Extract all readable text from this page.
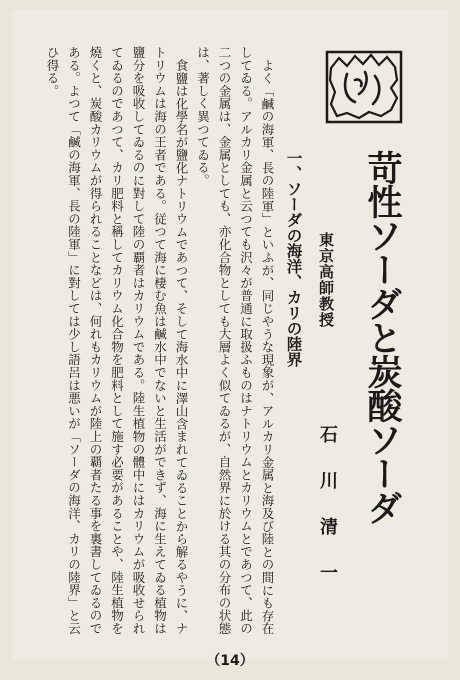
苛性ソーダと炭酸ソーダ
東京高師教授
石川清一
一、ソーダの海洋、カリの陸界

よく「鹹の海軍、長の陸軍」といふが、同じやうな現象が、アルカリ金属と海及び陸との間にも存在してゐる。アルカリ金属と云つても沢々が普通に取扱ふものはナトリウムとカリウムとであつて、此の二つの金属は、金属としても、亦化合物としても大層よく似てゐるが、自然界に於ける其の分布の状態は、著しく異つてゐる。

食鹽は化學名が鹽化ナトリウムであつて、そして海水中に澤山含まれてゐることから解るやうに、ナトリウムは海の王者である。従つて海に棲む魚は鹹水中でないと生活ができず、海に生えてゐる植物は鹽分を吸收してゐるのに對して陸の覇者はカリウムである。陸生植物の體中にはカリウムが吸收せられてゐるのであつて、カリ肥料と稱してカリウム化合物を肥料として施す必要があることや、陸生植物を燒くと、炭酸カリウムが得られることなどは、何れもカリウムが陸上の覇者たる事を裏書してゐるのである。よつて「鹹の海軍、長の陸軍」に對しては少し語呂は悪いが「ソーダの海洋、カリの陸界」と云ひ得る。

（14）
